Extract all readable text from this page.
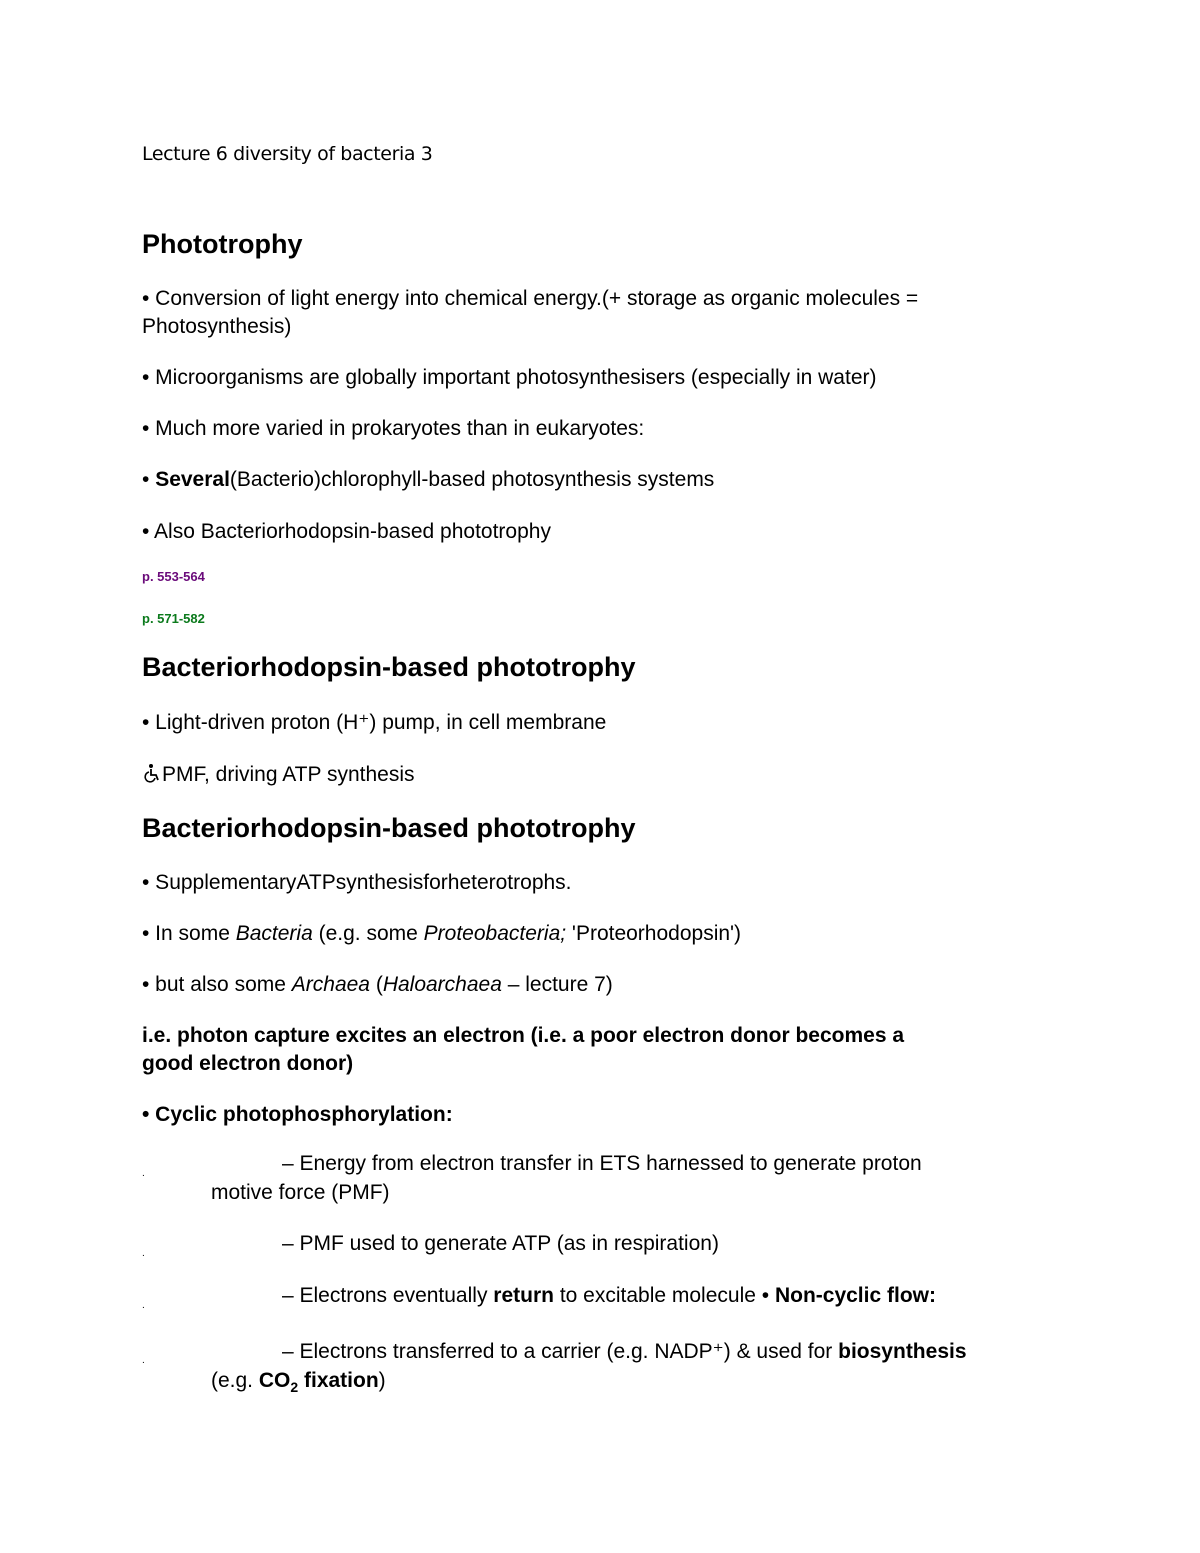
Lecture 6 diversity of bacteria 3
Phototrophy
• Conversion of light energy into chemical energy.(+ storage as organic molecules =
Photosynthesis)
• Microorganisms are globally important photosynthesisers (especially in water)
• Much more varied in prokaryotes than in eukaryotes:
• Several(Bacterio)chlorophyll-based photosynthesis systems
• Also Bacteriorhodopsin-based phototrophy
p. 553-564
p. 571-582
Bacteriorhodopsin-based phototrophy
• Light-driven proton (H⁺) pump, in cell membrane
PMF, driving ATP synthesis
Bacteriorhodopsin-based phototrophy
• SupplementaryATPsynthesisforheterotrophs.
• In some Bacteria (e.g. some Proteobacteria; 'Proteorhodopsin')
• but also some Archaea (Haloarchaea – lecture 7)
i.e. photon capture excites an electron (i.e. a poor electron donor becomes a
good electron donor)
• Cyclic photophosphorylation:
.	– Energy from electron transfer in ETS harnessed to generate proton
motive force (PMF)
.	– PMF used to generate ATP (as in respiration)
.	– Electrons eventually return to excitable molecule • Non-cyclic flow:
.	– Electrons transferred to a carrier (e.g. NADP⁺) & used for biosynthesis
(e.g. $CO_2$ fixation)
